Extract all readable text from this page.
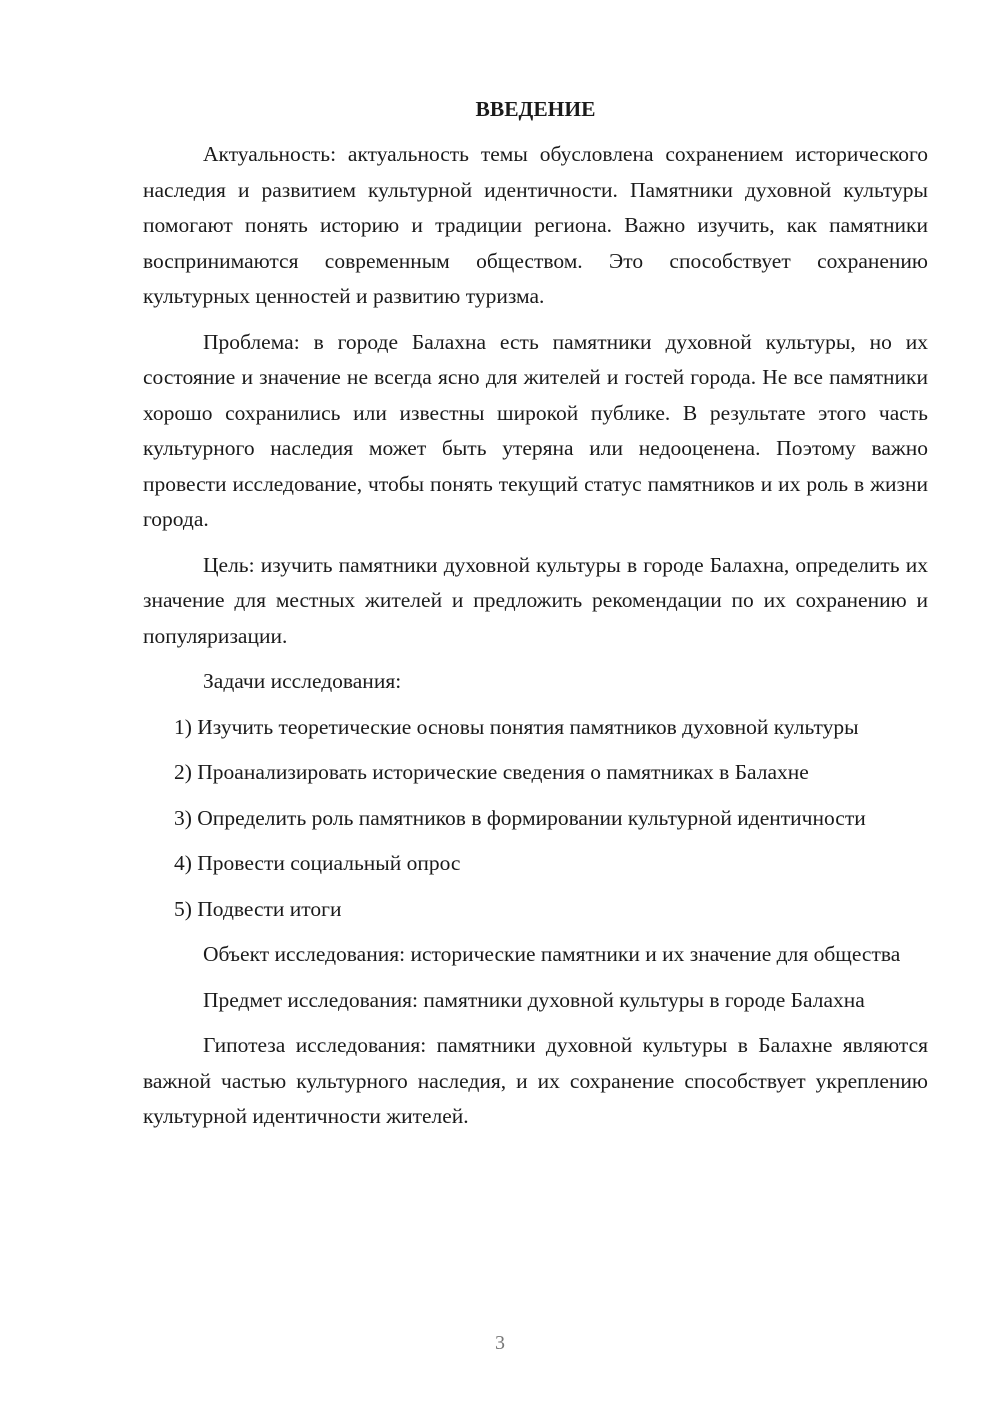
ВВЕДЕНИЕ

Актуальность: актуальность темы обусловлена сохранением исторического наследия и развитием культурной идентичности. Памятники духовной культуры помогают понять историю и традиции региона. Важно изучить, как памятники воспринимаются современным обществом. Это способствует сохранению культурных ценностей и развитию туризма.

Проблема: в городе Балахна есть памятники духовной культуры, но их состояние и значение не всегда ясно для жителей и гостей города. Не все памятники хорошо сохранились или известны широкой публике. В результате этого часть культурного наследия может быть утеряна или недооценена. Поэтому важно провести исследование, чтобы понять текущий статус памятников и их роль в жизни города.

Цель: изучить памятники духовной культуры в городе Балахна, определить их значение для местных жителей и предложить рекомендации по их сохранению и популяризации.

Задачи исследования:

1) Изучить теоретические основы понятия памятников духовной культуры

2) Проанализировать исторические сведения о памятниках в Балахне

3) Определить роль памятников в формировании культурной идентичности

4) Провести социальный опрос

5) Подвести итоги

Объект исследования: исторические памятники и их значение для общества

Предмет исследования: памятники духовной культуры в городе Балахна

Гипотеза исследования: памятники духовной культуры в Балахне являются важной частью культурного наследия, и их сохранение способствует укреплению культурной идентичности жителей.

3
